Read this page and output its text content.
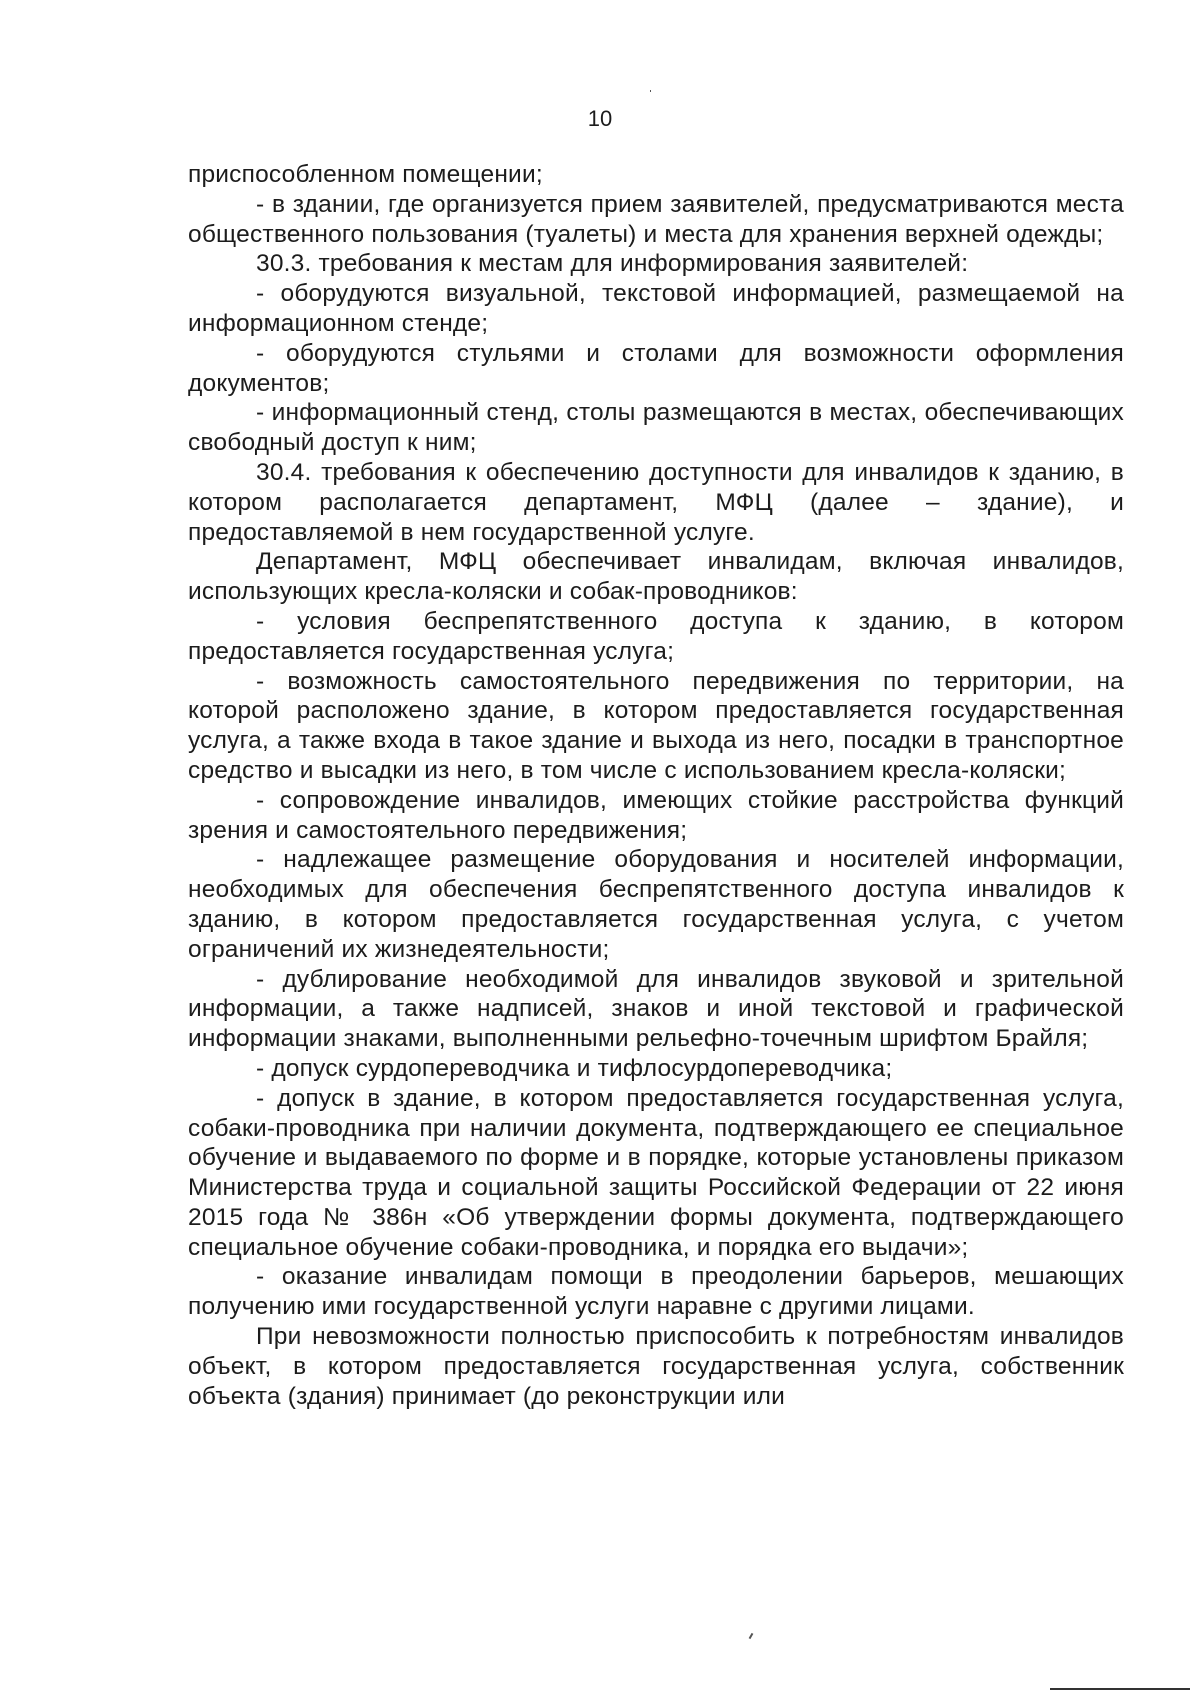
10

приспособленном помещении;

- в здании, где организуется прием заявителей, предусматриваются места общественного пользования (туалеты) и места для хранения верхней одежды;

30.3. требования к местам для информирования заявителей:

- оборудуются визуальной, текстовой информацией, размещаемой на информационном стенде;

- оборудуются стульями и столами для возможности оформления документов;

- информационный стенд, столы размещаются в местах, обеспечивающих свободный доступ к ним;

30.4. требования к обеспечению доступности для инвалидов к зданию, в котором располагается департамент, МФЦ (далее – здание), и предоставляемой в нем государственной услуге.

Департамент, МФЦ обеспечивает инвалидам, включая инвалидов, использующих кресла-коляски и собак-проводников:

- условия беспрепятственного доступа к зданию, в котором предоставляется государственная услуга;

- возможность самостоятельного передвижения по территории, на которой расположено здание, в котором предоставляется государственная услуга, а также входа в такое здание и выхода из него, посадки в транспортное средство и высадки из него, в том числе с использованием кресла-коляски;

- сопровождение инвалидов, имеющих стойкие расстройства функций зрения и самостоятельного передвижения;

- надлежащее размещение оборудования и носителей информации, необходимых для обеспечения беспрепятственного доступа инвалидов к зданию, в котором предоставляется государственная услуга, с учетом ограничений их жизнедеятельности;

- дублирование необходимой для инвалидов звуковой и зрительной информации, а также надписей, знаков и иной текстовой и графической информации знаками, выполненными рельефно-точечным шрифтом Брайля;

- допуск сурдопереводчика и тифлосурдопереводчика;

- допуск в здание, в котором предоставляется государственная услуга, собаки-проводника при наличии документа, подтверждающего ее специальное обучение и выдаваемого по форме и в порядке, которые установлены приказом Министерства труда и социальной защиты Российской Федерации от 22 июня 2015 года № 386н «Об утверждении формы документа, подтверждающего специальное обучение собаки-проводника, и порядка его выдачи»;

- оказание инвалидам помощи в преодолении барьеров, мешающих получению ими государственной услуги наравне с другими лицами.

При невозможности полностью приспособить к потребностям инвалидов объект, в котором предоставляется государственная услуга, собственник объекта (здания) принимает (до реконструкции или
